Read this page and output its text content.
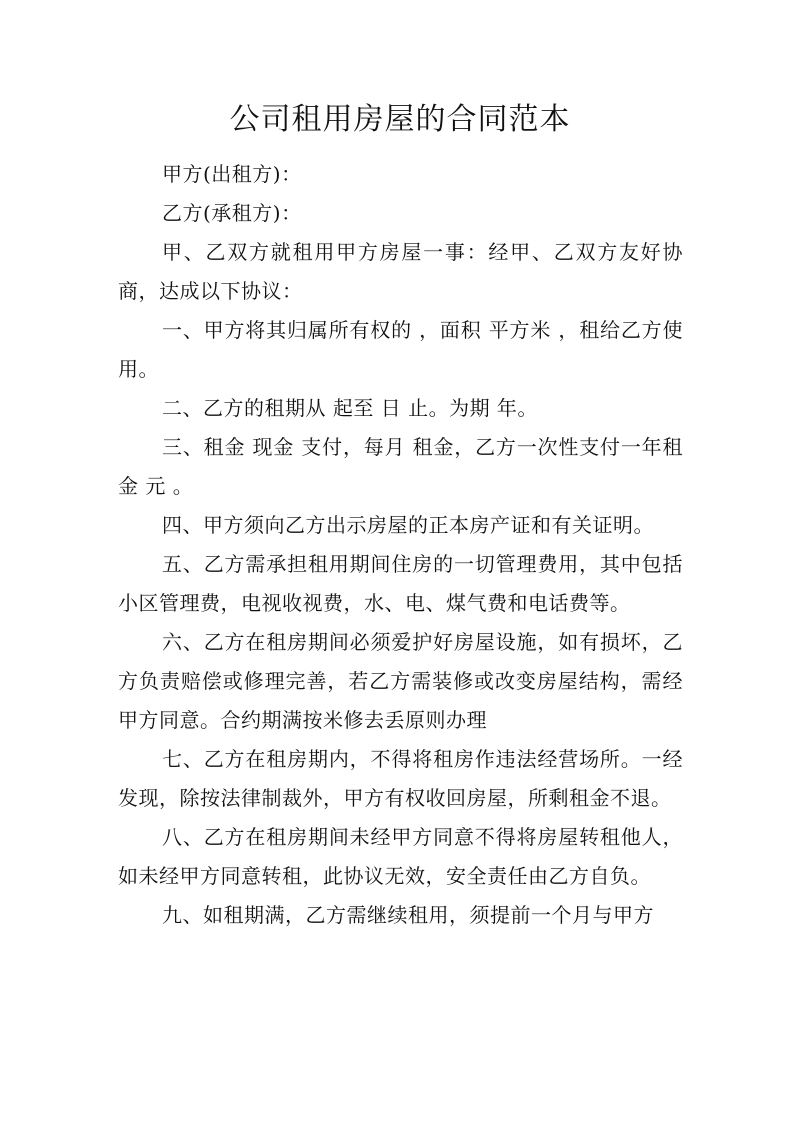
公司租用房屋的合同范本

甲方(出租方)：

乙方(承租方)：

甲、乙双方就租用甲方房屋一事：经甲、乙双方友好协商，达成以下协议：

一、甲方将其归属所有权的 ，面积 平方米 ，租给乙方使用。

二、乙方的租期从 起至 日 止。为期 年。

三、租金 现金 支付，每月 租金，乙方一次性支付一年租金 元 。

四、甲方须向乙方出示房屋的正本房产证和有关证明。

五、乙方需承担租用期间住房的一切管理费用，其中包括小区管理费，电视收视费，水、电、煤气费和电话费等。

六、乙方在租房期间必须爱护好房屋设施，如有损坏，乙方负责赔偿或修理完善，若乙方需装修或改变房屋结构，需经甲方同意。合约期满按米修去丢原则办理

七、乙方在租房期内，不得将租房作违法经营场所。一经发现，除按法律制裁外，甲方有权收回房屋，所剩租金不退。

八、乙方在租房期间未经甲方同意不得将房屋转租他人，如未经甲方同意转租，此协议无效，安全责任由乙方自负。

九、如租期满，乙方需继续租用，须提前一个月与甲方
